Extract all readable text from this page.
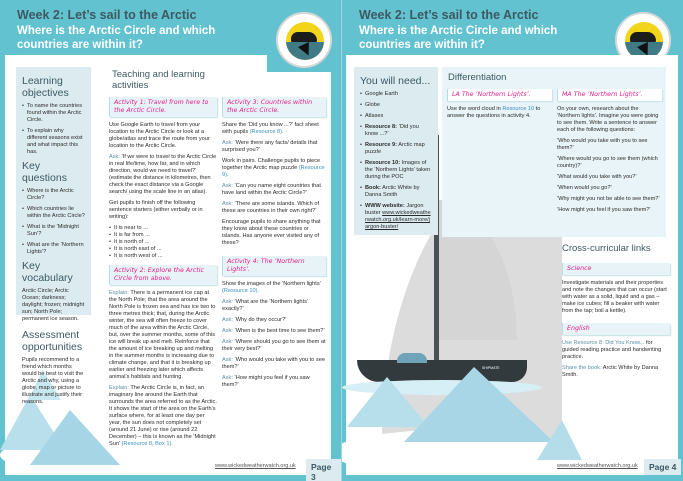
Week 2: Let’s sail to the Arctic
Where is the Arctic Circle and which countries are within it?
Learning objectives
• To name the countries found within the Arctic Circle.
• To explain why different seasons exist and what impact this has.
Key questions
• Where is the Arctic Circle?
• Which countries lie within the Arctic Circle?
• What is the ‘Midnight Sun’?
• What are the ‘Northern Lights’?
Key vocabulary
Arctic Circle; Arctic Ocean; darkness; daylight; frozen; midnight sun; North Pole; permanent ice season.
Assessment opportunities
Pupils recommend to a friend which months would be best to visit the Arctic and why, using a globe, map or picture to illustrate and justify their reasons.
Teaching and learning activities
Activity 1: Travel from here to the Arctic Circle.

Use Google Earth to travel from your location to the Arctic Circle or look at a globe/atlas and trace the route from your location to the Arctic Circle.

Ask: ‘If we were to travel to the Arctic Circle in real life/time, how far, and in which direction, would we need to travel?’ (estimate the distance in kilometres, then check the exact distance via a Google search/ using the scale line in an atlas).

Get pupils to finish off the following sentence starters (either verbally or in writing):

• It is near to ...
• It is far from ...
• It is north of ...
• It is north east of ...
• It is north west of ...
Activity 2: Explore the Arctic Circle from above.

Explain: There is a permanent ice cap at the North Pole; that the area around the North Pole is frozen sea and has ice two to three metres thick; that, during the Arctic winter, the sea will often freeze to cover much of the area within the Arctic Circle, but, over the summer months, some of this ice will break up and melt. Reinforce that the amount of ice breaking up and melting in the summer months is increasing due to climate change, and that it is breaking up earlier and freezing later which affects animal’s habitats and hunting.

Explain: The Arctic Circle is, in fact, an imaginary line around the Earth that surrounds the area referred to as the Arctic. It shows the start of the area on the Earth’s surface where, for at least one day per year, the sun does not completely set (around 21 June) or rise (around 22 December) – this is known as the ‘Midnight Sun’ (Resource 8, Box 1).

Activity 3: Countries within the Arctic Circle.

Share the ‘Did you know ...?’ fact sheet with pupils (Resource 8).

Ask: ‘Were there any facts/ details that surprised you?’

Work in pairs. Challenge pupils to piece together the Arctic map puzzle (Resource 9).

Ask: ‘Can you name eight countries that have land within the Arctic Circle?’

Ask: ‘There are some islands. Which of these are countries in their own right?’

Encourage pupils to share anything that they know about these countries or islands. Has anyone ever visited any of these?

Activity 4: The ‘Northern Lights’.

Show the images of the ‘Northern lights’ (Resource 10).

Ask: ‘What are the ‘Northern lights’ exactly?’

Ask: ‘Why do they occur?’

Ask: ‘When is the best time to see them?’

Ask: ‘Where should you go to see them at their very best?’

Ask: ‘Who would you take with you to see them?’

Ask: ‘How might you feel if you saw them?’

www.wickedweatherwatch.org.uk	Page 3
Week 2: Let’s sail to the Arctic
Where is the Arctic Circle and which countries are within it?
SHIPMATE
You will need...
• Google Earth
• Globe
• Atlases
• Resource 8: ‘Did you know ...?’
• Resource 9: Arctic map puzzle
• Resource 10: Images of the ‘Northern Lights’ taken during the POC
• Book: Arctic White by Danna Smith
• WWW website: Jargon buster www.wickedweatherwatch.org.uk/learn-more/jargon-buster/
Differentiation
LA The ‘Northern Lights’.

Use the word cloud in Resource 10 to answer the questions in activity 4.

MA The ‘Northern Lights’.

On your own, research about the ‘Northern lights’. Imagine you were going to see them. Write a sentence to answer each of the following questions:

‘Who would you take with you to see them?’

‘Where would you go to see them (which country)?’

‘What would you take with you?’

‘When would you go?’

‘Why might you not be able to see them?’

‘How might you feel if you saw them?’

Cross-curricular links
Science

Investigate materials and their properties and note the changes that can occur (start with water as a solid, liquid and a gas – make ice cubes; fill a beaker with water from the tap; boil a kettle).

English

Use Resource 8: Did You Know... for guided reading practice and handwriting practice.

Share the book: Arctic White by Danna Smith.

www.wickedweatherwatch.org.uk	Page 4
